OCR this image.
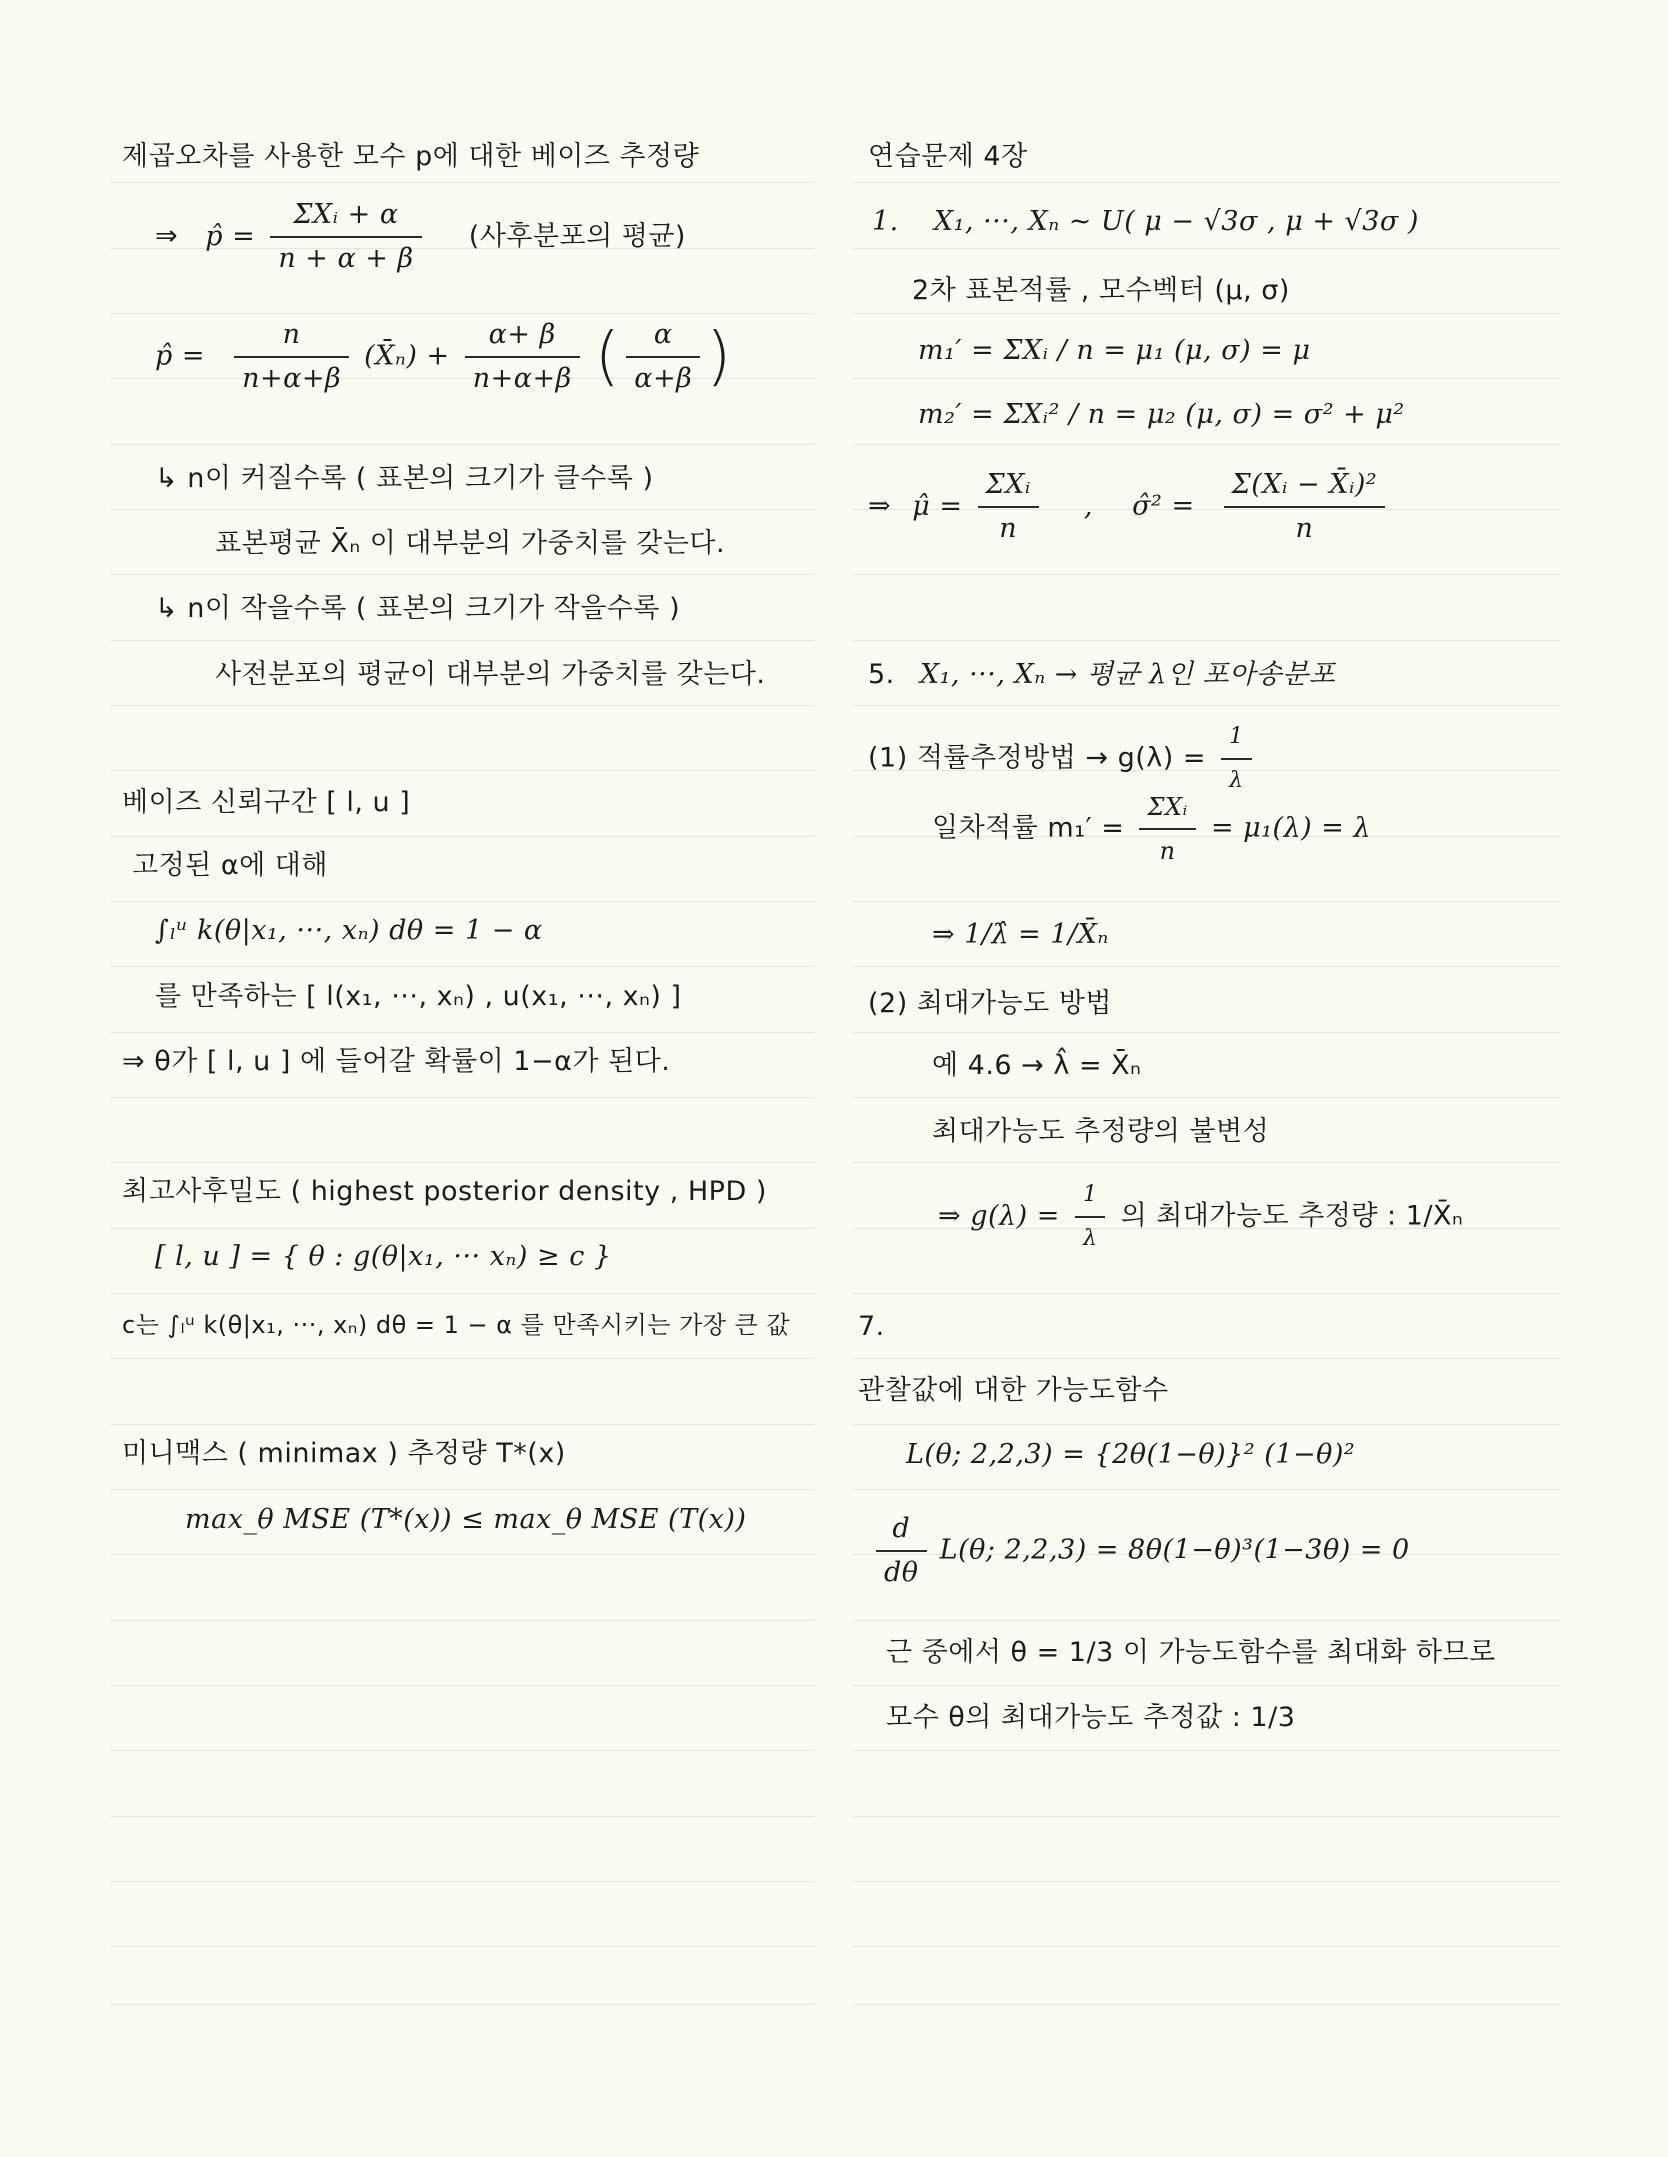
제곱오차를 사용한 모수 p에 대한 베이즈 추정량
⇒ p̂ = $\frac{\text{ΣXᵢ + α}}{n + \alpha + \beta}$ (사후분포의 평균)
p̂ = $\frac{n}{n+\alpha+\beta}$ (X̄ₙ) + $\frac{\alpha+ \beta}{n+\alpha+\beta}$ ( $\frac{\alpha}{\alpha+\beta}$ )
↳ n이 커질수록 ( 표본의 크기가 클수록 )
표본평균 X̄ₙ 이 대부분의 가중치를 갖는다.
↳ n이 작을수록 ( 표본의 크기가 작을수록 )
사전분포의 평균이 대부분의 가중치를 갖는다.
베이즈 신뢰구간 [ l, u ]
고정된 α에 대해
∫ₗᵘ k(θ|x₁, ···, xₙ) dθ = 1 − α
를 만족하는 [ l(x₁, ···, xₙ) , u(x₁, ···, xₙ) ]
⇒ θ가 [ l, u ] 에 들어갈 확률이 1−α가 된다.
최고사후밀도 ( highest posterior density , HPD )
[ l, u ] = { θ : g(θ|x₁, ··· xₙ) ≥ c }
c는 ∫ₗᵘ k(θ|x₁, ···, xₙ) dθ = 1 − α 를 만족시키는 가장 큰 값
미니맥스 ( minimax ) 추정량 T*(x)
max_θ MSE (T*(x)) ≤ max_θ MSE (T(x))
연습문제 4장
1. X₁, ···, Xₙ ~ U( μ − √3σ , μ + √3σ )
2차 표본적률 , 모수벡터 (μ, σ)
m₁′ = ΣXᵢ / n = μ₁ (μ, σ) = μ
m₂′ = ΣXᵢ² / n = μ₂ (μ, σ) = σ² + μ²
⇒ μ̂ = $\frac{\text{ΣXᵢ}}{n}$ , σ̂² = $\frac{\text{Σ(Xᵢ − X̄ᵢ)²}}{n}$
5. X₁, ···, Xₙ → 평균 λ인 포아송분포
(1) 적률추정방법 → $g(\lambda) = \frac{1}{\lambda}$
일차적률 $m_1' = \frac{\text{ΣXᵢ}}{n} = \mu_1(\lambda) = \lambda$
⇒ 1/λ̂ = 1/X̄ₙ
(2) 최대가능도 방법
예 4.6 → λ̂ = X̄ₙ
최대가능도 추정량의 불변성
⇒ $g(\lambda) = \frac{1}{\lambda}$ 의 최대가능도 추정량 : 1/X̄ₙ
7.
관찰값에 대한 가능도함수
L(θ; 2,2,3) = {2θ(1−θ)}² (1−θ)²
$\frac{d}{d\theta} L(\theta$; 2,2,3) = 8θ(1−θ)³(1−3θ) = 0
근 중에서 θ = 1/3 이 가능도함수를 최대화 하므로
모수 θ의 최대가능도 추정값 : 1/3
